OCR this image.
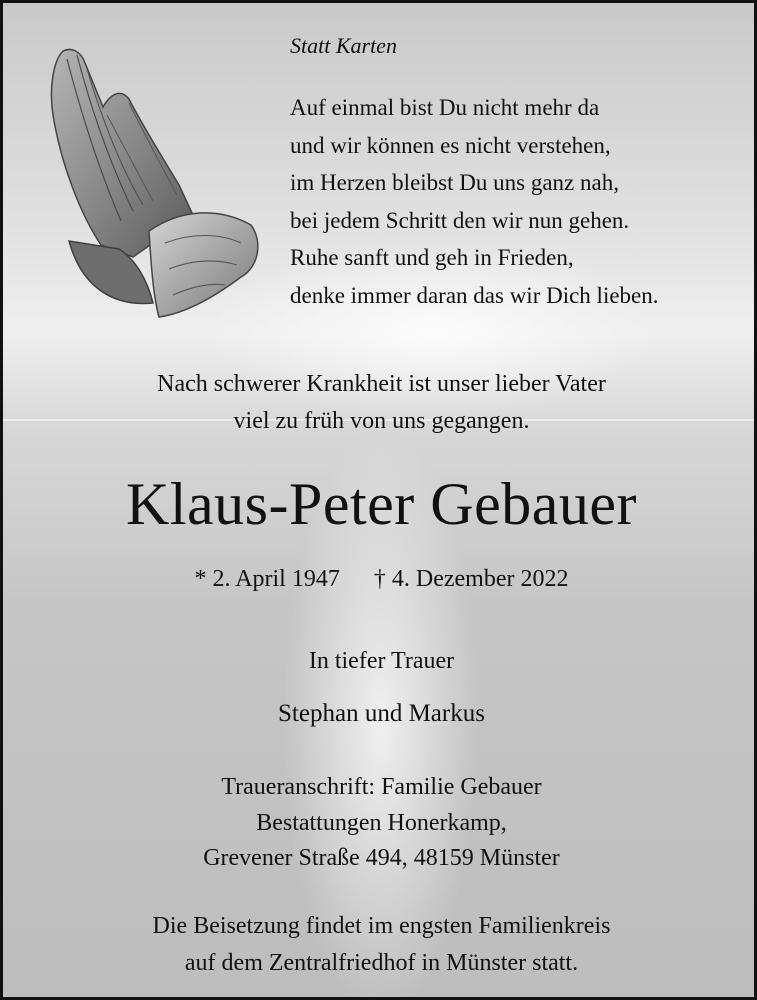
Statt Karten
Auf einmal bist Du nicht mehr da
und wir können es nicht verstehen,
im Herzen bleibst Du uns ganz nah,
bei jedem Schritt den wir nun gehen.
Ruhe sanft und geh in Frieden,
denke immer daran das wir Dich lieben.
Nach schwerer Krankheit ist unser lieber Vater
viel zu früh von uns gegangen.
Klaus-Peter Gebauer
* 2. April 1947 † 4. Dezember 2022
In tiefer Trauer
Stephan und Markus
Traueranschrift: Familie Gebauer
Bestattungen Honerkamp,
Grevener Straße 494, 48159 Münster
Die Beisetzung findet im engsten Familienkreis
auf dem Zentralfriedhof in Münster statt.
